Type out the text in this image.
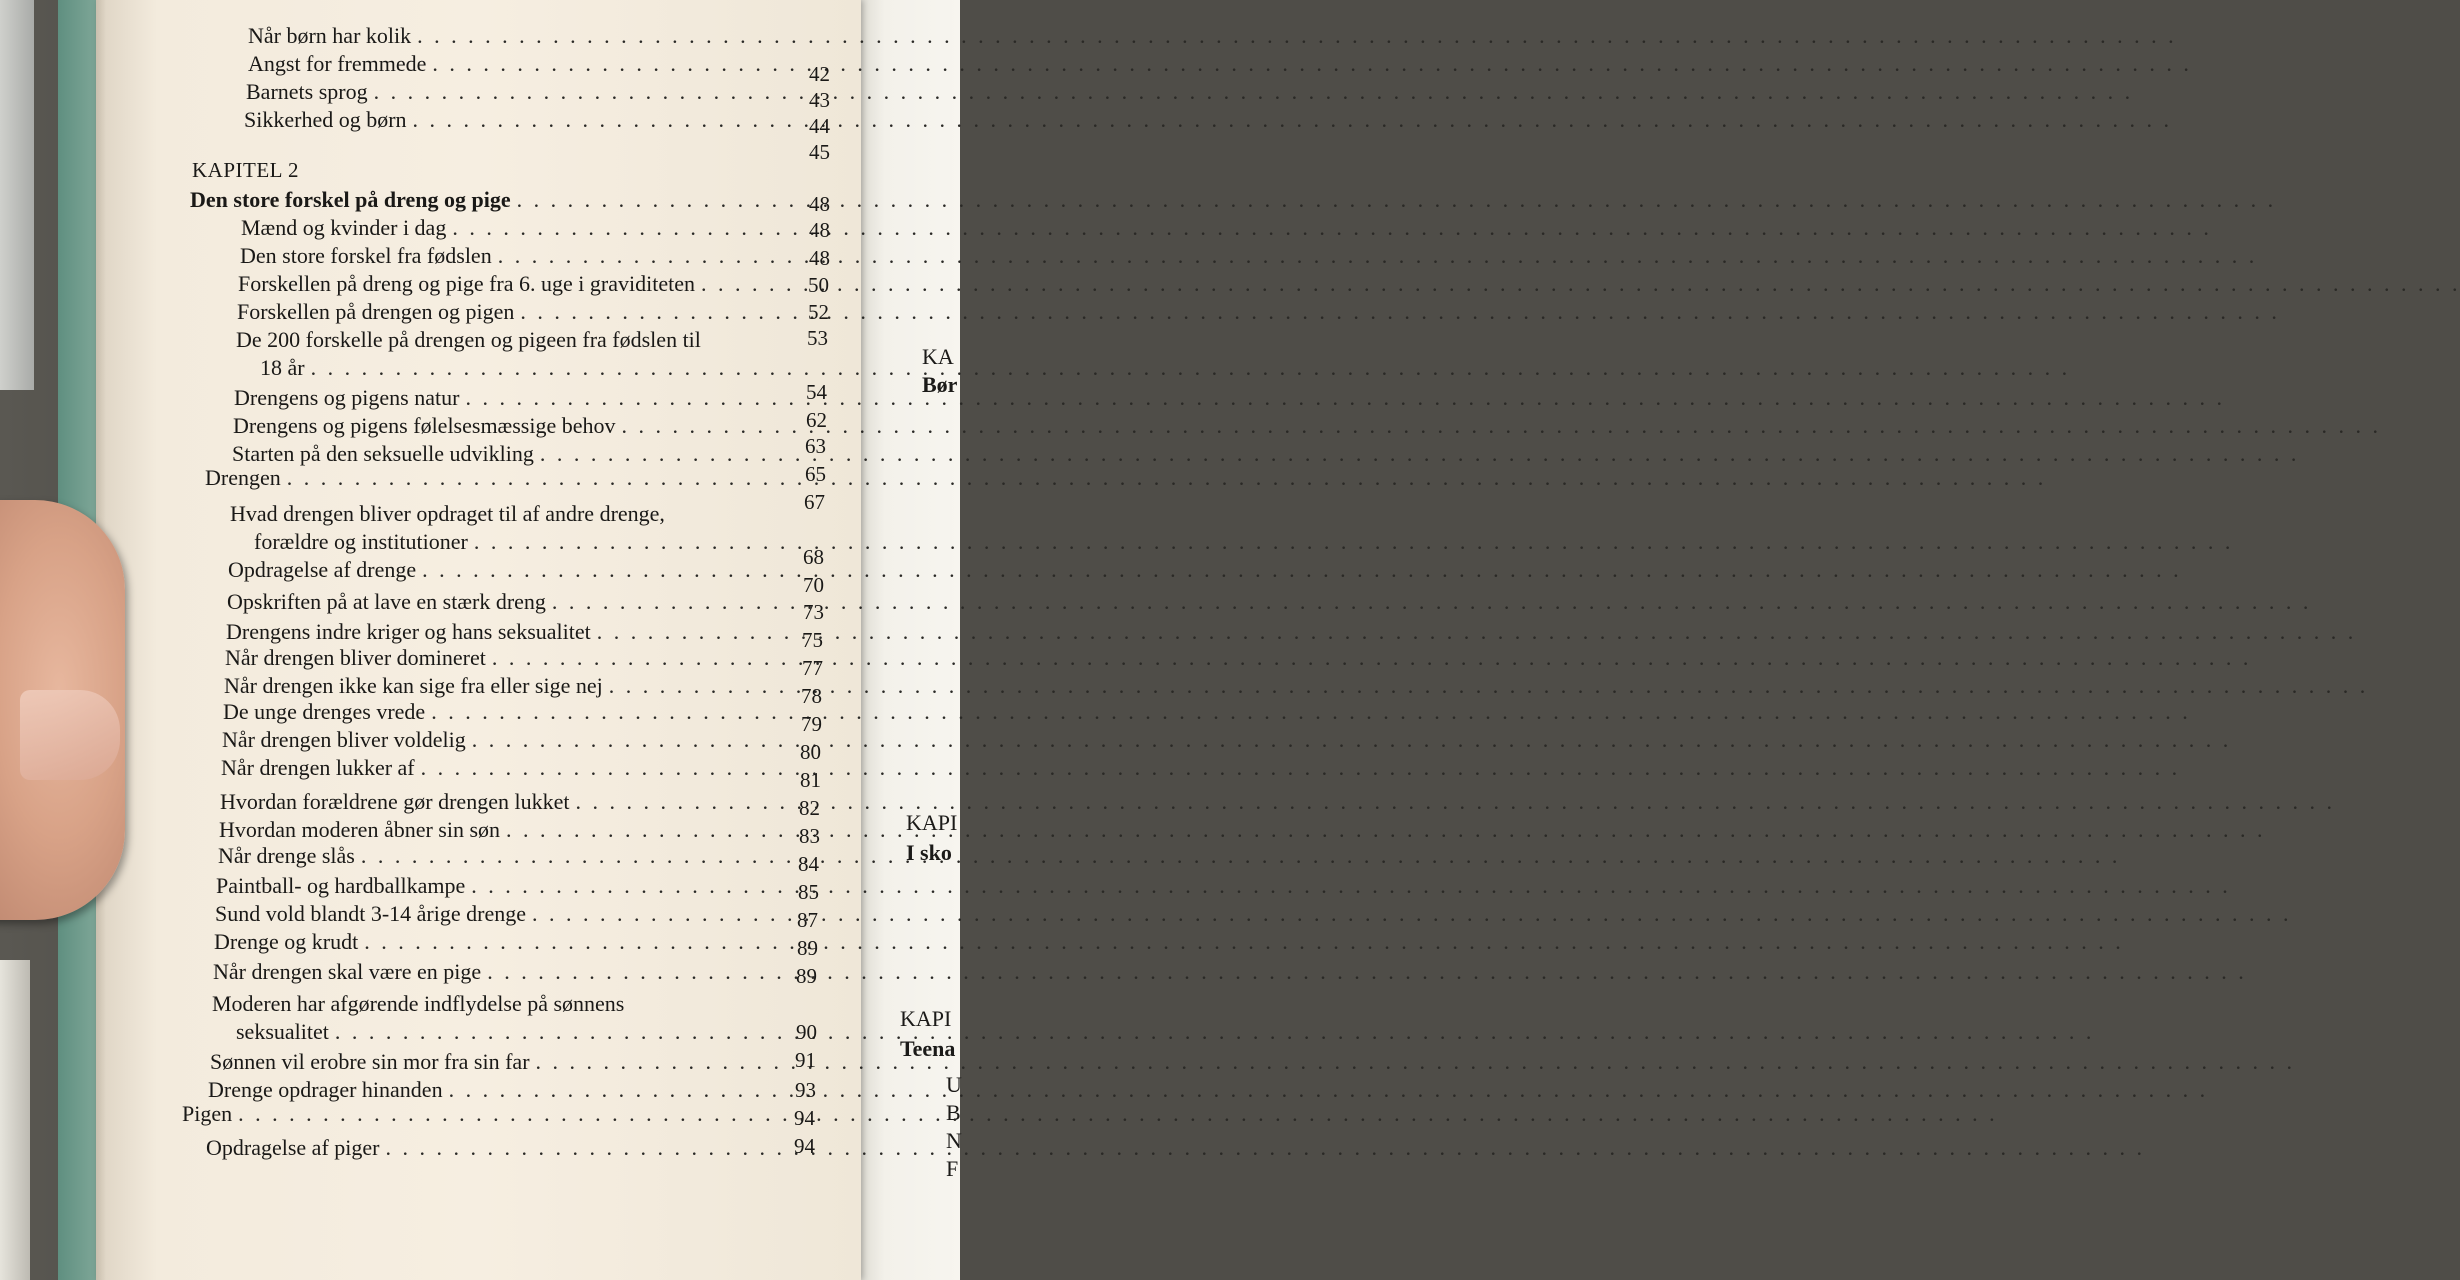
KA
Bør
KAPI
I sko
KAPI
Teena
U
B
N
F
Når børn har kolik
. . .
Angst for fremmede
. . .
Barnets sprog
. . .
Sikkerhed og børn
. . .
KAPITEL 2
Den store forskel på dreng og pige
. . .
Mænd og kvinder i dag
. . .
Den store forskel fra fødslen
. . .
Forskellen på dreng og pige fra 6. uge i graviditeten
. . .
Forskellen på drengen og pigen
. . .
De 200 forskelle på drengen og pigeen fra fødslen til
18 år
. . .
Drengens og pigens natur
. . .
Drengens og pigens følelsesmæssige behov
. . .
Starten på den seksuelle udvikling
. . .
Drengen
. . .
Hvad drengen bliver opdraget til af andre drenge,
forældre og institutioner
. . .
Opdragelse af drenge
. . .
Opskriften på at lave en stærk dreng
. . .
Drengens indre kriger og hans seksualitet
. . .
Når drengen bliver domineret
. . .
Når drengen ikke kan sige fra eller sige nej
. . .
De unge drenges vrede
. . .
Når drengen bliver voldelig
. . .
Når drengen lukker af
. . .
Hvordan forældrene gør drengen lukket
. . .
Hvordan moderen åbner sin søn
. . .
Når drenge slås
. . .
Paintball- og hardballkampe
. . .
Sund vold blandt 3-14 årige drenge
. . .
Drenge og krudt
. . .
Når drengen skal være en pige
. . .
Moderen har afgørende indflydelse på sønnens
seksualitet
. . .
Sønnen vil erobre sin mor fra sin far
. . .
Drenge opdrager hinanden
. . .
Pigen
. . .
Opdragelse af piger
. . .
42
43
44
45
48
48
48
50
52
53
54
62
63
65
67
68
70
73
75
77
78
79
80
81
82
83
84
85
87
89
89
90
91
93
94
94
